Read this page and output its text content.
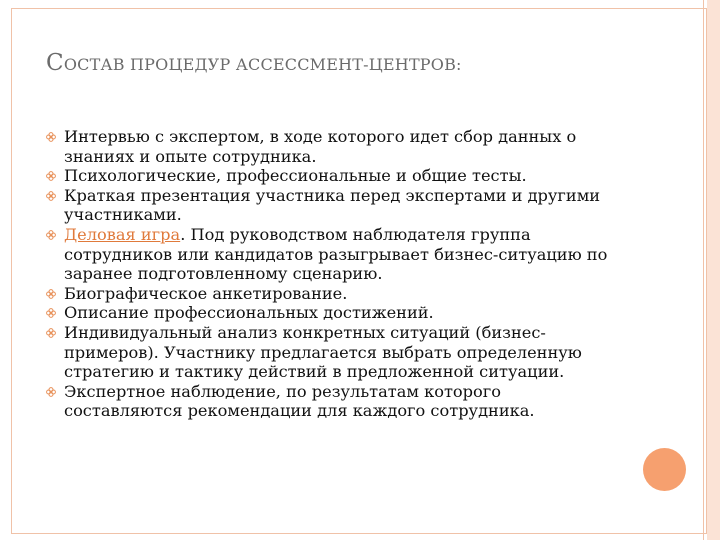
СОСТАВ ПРОЦЕДУР АССЕССМЕНТ-ЦЕНТРОВ:
Интервью с экспертом, в ходе которого идет сбор данных о знаниях и опыте сотрудника.
Психологические, профессиональные и общие тесты.
Краткая презентация участника перед экспертами и другими участниками.
Деловая игра. Под руководством наблюдателя группа сотрудников или кандидатов разыгрывает бизнес-ситуацию по заранее подготовленному сценарию.
Биографическое анкетирование.
Описание профессиональных достижений.
Индивидуальный анализ конкретных ситуаций (бизнес-примеров). Участнику предлагается выбрать определенную стратегию и тактику действий в предложенной ситуации.
Экспертное наблюдение, по результатам которого составляются рекомендации для каждого сотрудника.
